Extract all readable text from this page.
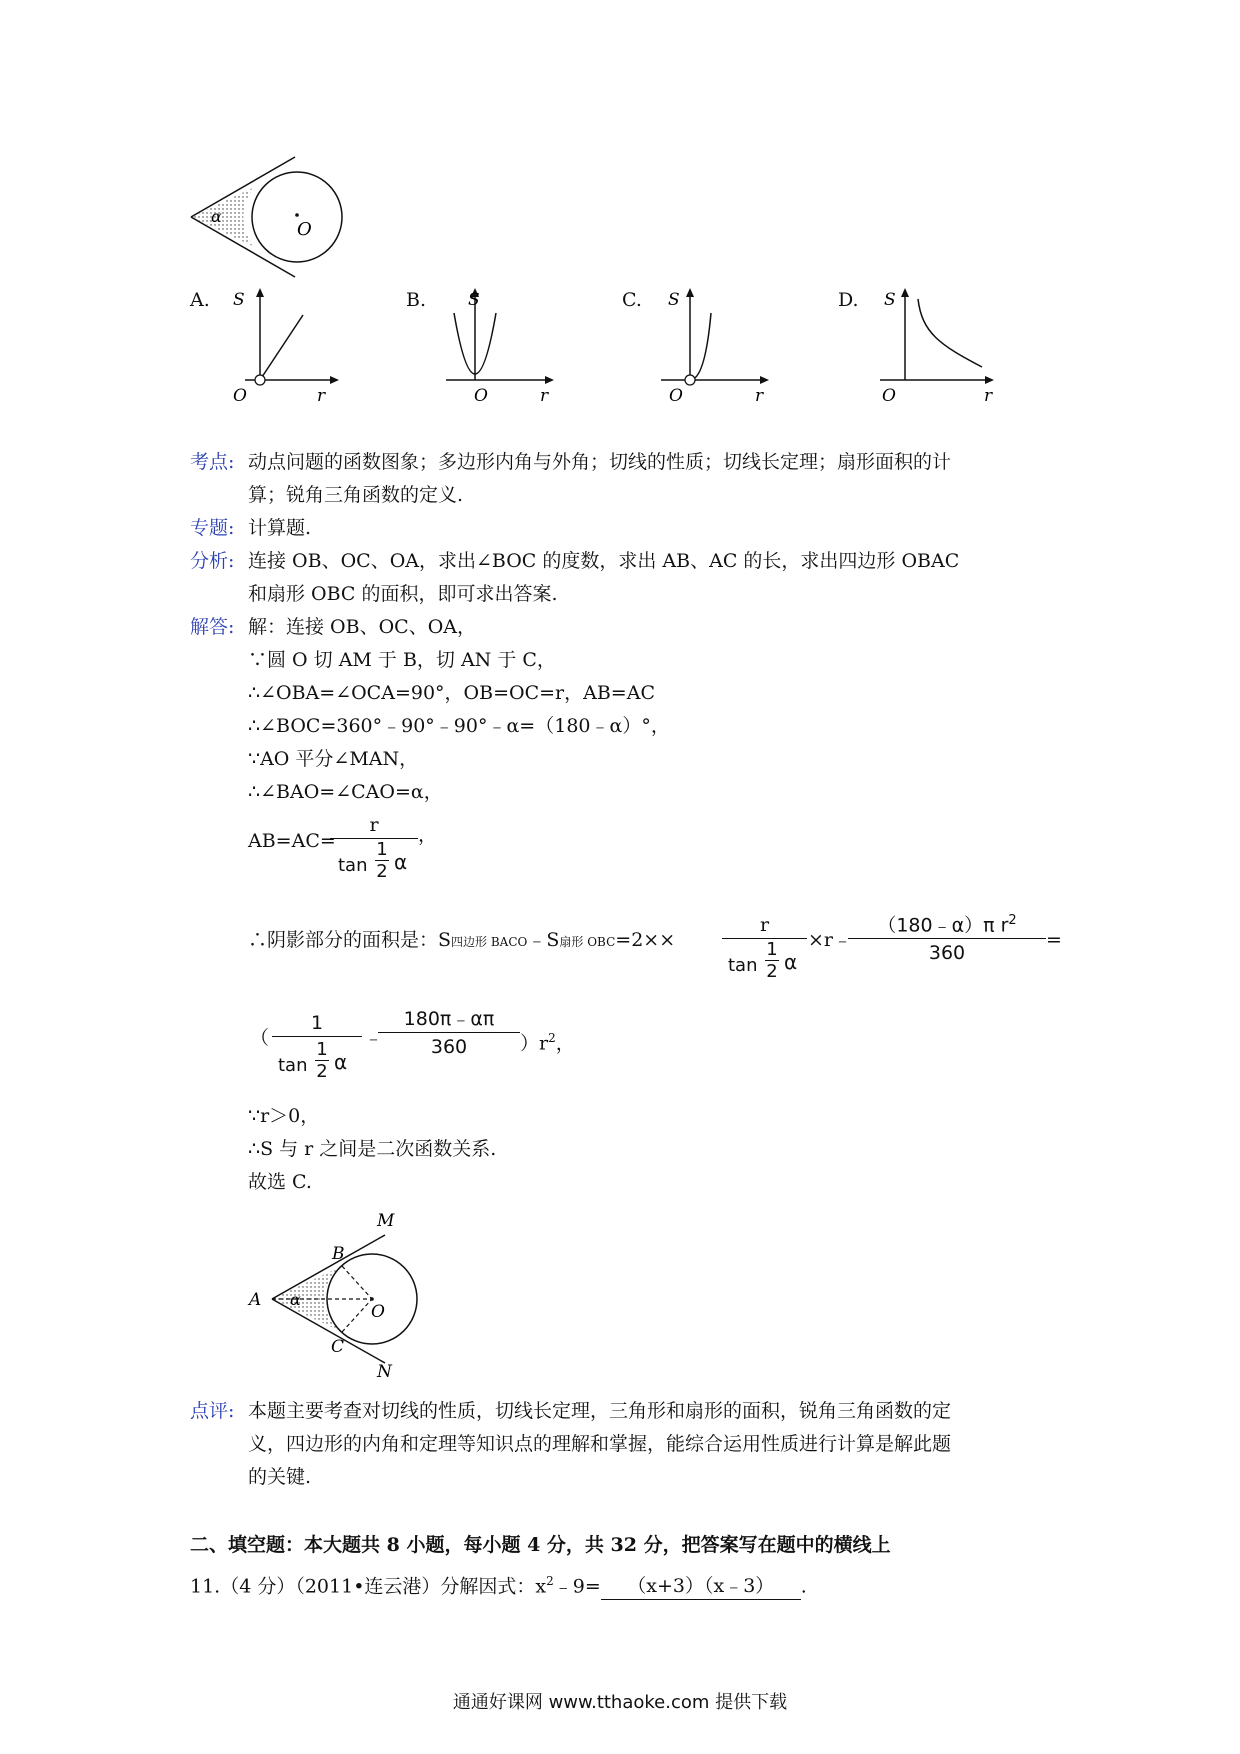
α
O
A. S
O	r
B. S
O	r
C. S
O	r
D. S
O	r
考点: 动点问题的函数图象；多边形内角与外角；切线的性质；切线长定理；扇形面积的计
算；锐角三角函数的定义.
专题: 计算题.
分析: 连接 OB、OC、OA，求出∠BOC 的度数，求出 AB、AC 的长，求出四边形 OBAC
和扇形 OBC 的面积，即可求出答案.
解答: 解：连接 OB、OC、OA，
∵圆 O 切 AM 于 B，切 AN 于 C，
∴∠OBA=∠OCA=90°，OB=OC=r，AB=AC
∴∠BOC=360°﹣90°﹣90°﹣α=（180﹣α）°，
∵AO 平分∠MAN，
∴∠BAO=∠CAO=α，
AB=AC=
r
tan
1
2 α
，
∴阴影部分的面积是：S四边形 BACO﹣S扇形 OBC=2××
r
tan
1
2 α
×r﹣
$\frac{(180﹣\alpha)\pi r^2}{360}$ =
（
1
tan
1
2 α
﹣
$\frac{180\pi﹣\alpha\pi}{360} )r^2$，
∵r＞0，
∴S 与 r 之间是二次函数关系.
故选 C.
M
B
A α
O
C
N
点评: 本题主要考查对切线的性质，切线长定理，三角形和扇形的面积，锐角三角函数的定
义，四边形的内角和定理等知识点的理解和掌握，能综合运用性质进行计算是解此题
的关键.
二、填空题：本大题共 8 小题，每小题 4 分，共 32 分，把答案写在题中的横线上
11.（4 分）（2011•连云港）分解因式：$x^2﹣9=$ （x+3）（x﹣3） .
通通好课网 www.tthaoke.com 提供下载
